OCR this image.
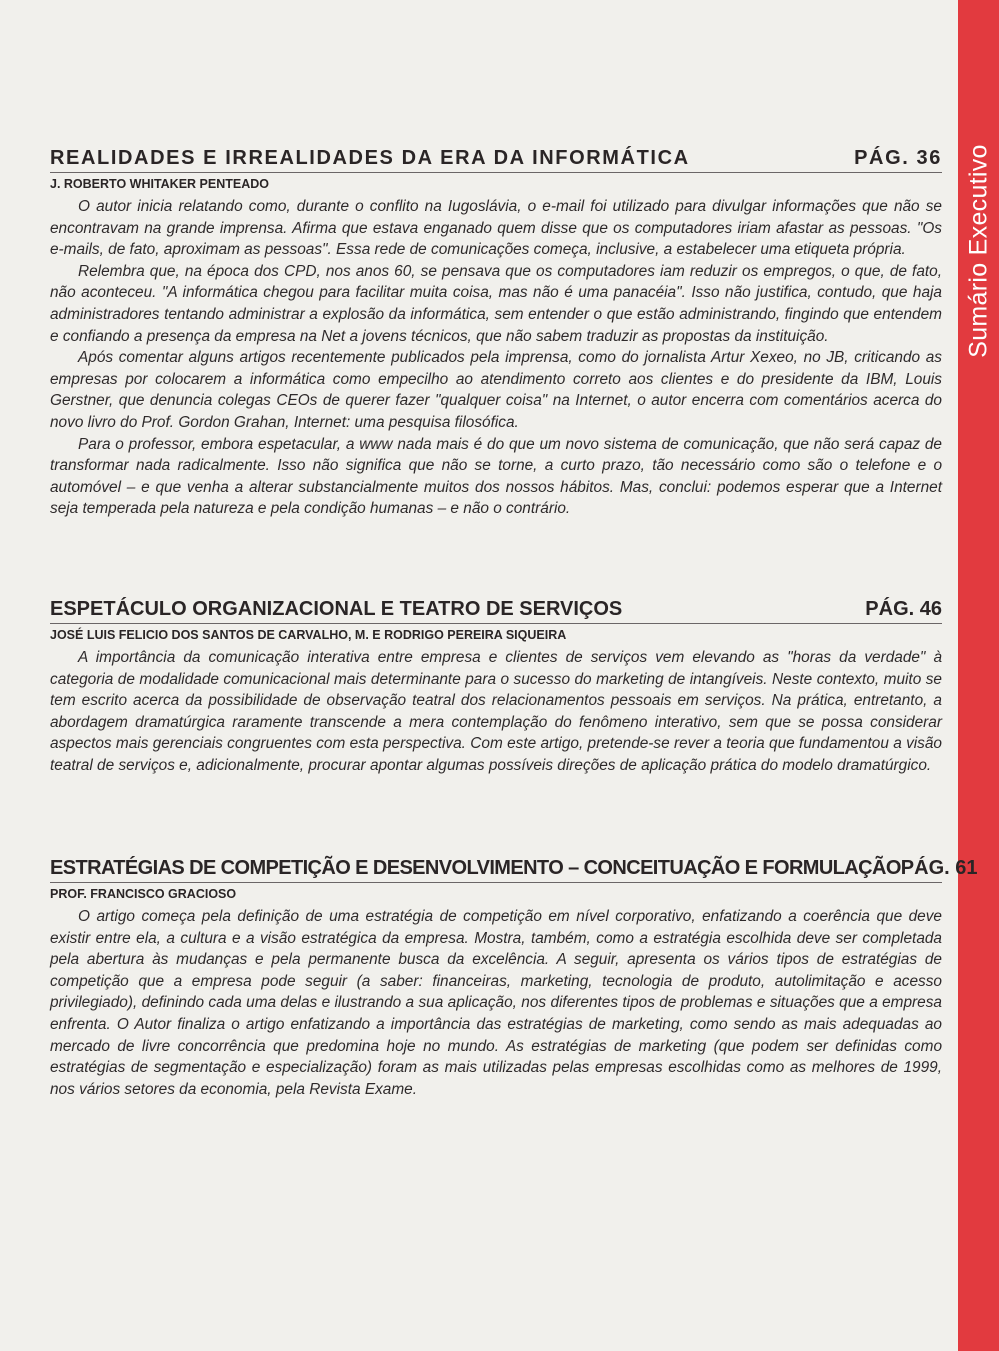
Sumário Executivo
REALIDADES E IRREALIDADES DA ERA DA INFORMÁTICA	PÁG. 36
J. ROBERTO WHITAKER PENTEADO

O autor inicia relatando como, durante o conflito na Iugoslávia, o e-mail foi utilizado para divulgar informações que não se encontravam na grande imprensa. Afirma que estava enganado quem disse que os computadores iriam afastar as pessoas. "Os e-mails, de fato, aproximam as pessoas". Essa rede de comunicações começa, inclusive, a estabelecer uma etiqueta própria.

Relembra que, na época dos CPD, nos anos 60, se pensava que os computadores iam reduzir os empregos, o que, de fato, não aconteceu. "A informática chegou para facilitar muita coisa, mas não é uma panacéia". Isso não justifica, contudo, que haja administradores tentando administrar a explosão da informática, sem entender o que estão administrando, fingindo que entendem e confiando a presença da empresa na Net a jovens técnicos, que não sabem traduzir as propostas da instituição.

Após comentar alguns artigos recentemente publicados pela imprensa, como do jornalista Artur Xexeo, no JB, criticando as empresas por colocarem a informática como empecilho ao atendimento correto aos clientes e do presidente da IBM, Louis Gerstner, que denuncia colegas CEOs de querer fazer "qualquer coisa" na Internet, o autor encerra com comentários acerca do novo livro do Prof. Gordon Grahan, Internet: uma pesquisa filosófica.

Para o professor, embora espetacular, a www nada mais é do que um novo sistema de comunicação, que não será capaz de transformar nada radicalmente. Isso não significa que não se torne, a curto prazo, tão necessário como são o telefone e o automóvel – e que venha a alterar substancialmente muitos dos nossos hábitos. Mas, conclui: podemos esperar que a Internet seja temperada pela natureza e pela condição humanas – e não o contrário.

ESPETÁCULO ORGANIZACIONAL E TEATRO DE SERVIÇOS	PÁG. 46
JOSÉ LUIS FELICIO DOS SANTOS DE CARVALHO, M. E RODRIGO PEREIRA SIQUEIRA

A importância da comunicação interativa entre empresa e clientes de serviços vem elevando as "horas da verdade" à categoria de modalidade comunicacional mais determinante para o sucesso do marketing de intangíveis. Neste contexto, muito se tem escrito acerca da possibilidade de observação teatral dos relacionamentos pessoais em serviços. Na prática, entretanto, a abordagem dramatúrgica raramente transcende a mera contemplação do fenômeno interativo, sem que se possa considerar aspectos mais gerenciais congruentes com esta perspectiva. Com este artigo, pretende-se rever a teoria que fundamentou a visão teatral de serviços e, adicionalmente, procurar apontar algumas possíveis direções de aplicação prática do modelo dramatúrgico.

ESTRATÉGIAS DE COMPETIÇÃO E DESENVOLVIMENTO – CONCEITUAÇÃO E FORMULAÇÃO PÁG. 61
PROF. FRANCISCO GRACIOSO

O artigo começa pela definição de uma estratégia de competição em nível corporativo, enfatizando a coerência que deve existir entre ela, a cultura e a visão estratégica da empresa. Mostra, também, como a estratégia escolhida deve ser completada pela abertura às mudanças e pela permanente busca da excelência. A seguir, apresenta os vários tipos de estratégias de competição que a empresa pode seguir (a saber: financeiras, marketing, tecnologia de produto, autolimitação e acesso privilegiado), definindo cada uma delas e ilustrando a sua aplicação, nos diferentes tipos de problemas e situações que a empresa enfrenta. O Autor finaliza o artigo enfatizando a importância das estratégias de marketing, como sendo as mais adequadas ao mercado de livre concorrência que predomina hoje no mundo. As estratégias de marketing (que podem ser definidas como estratégias de segmentação e especialização) foram as mais utilizadas pelas empresas escolhidas como as melhores de 1999, nos vários setores da economia, pela Revista Exame.
